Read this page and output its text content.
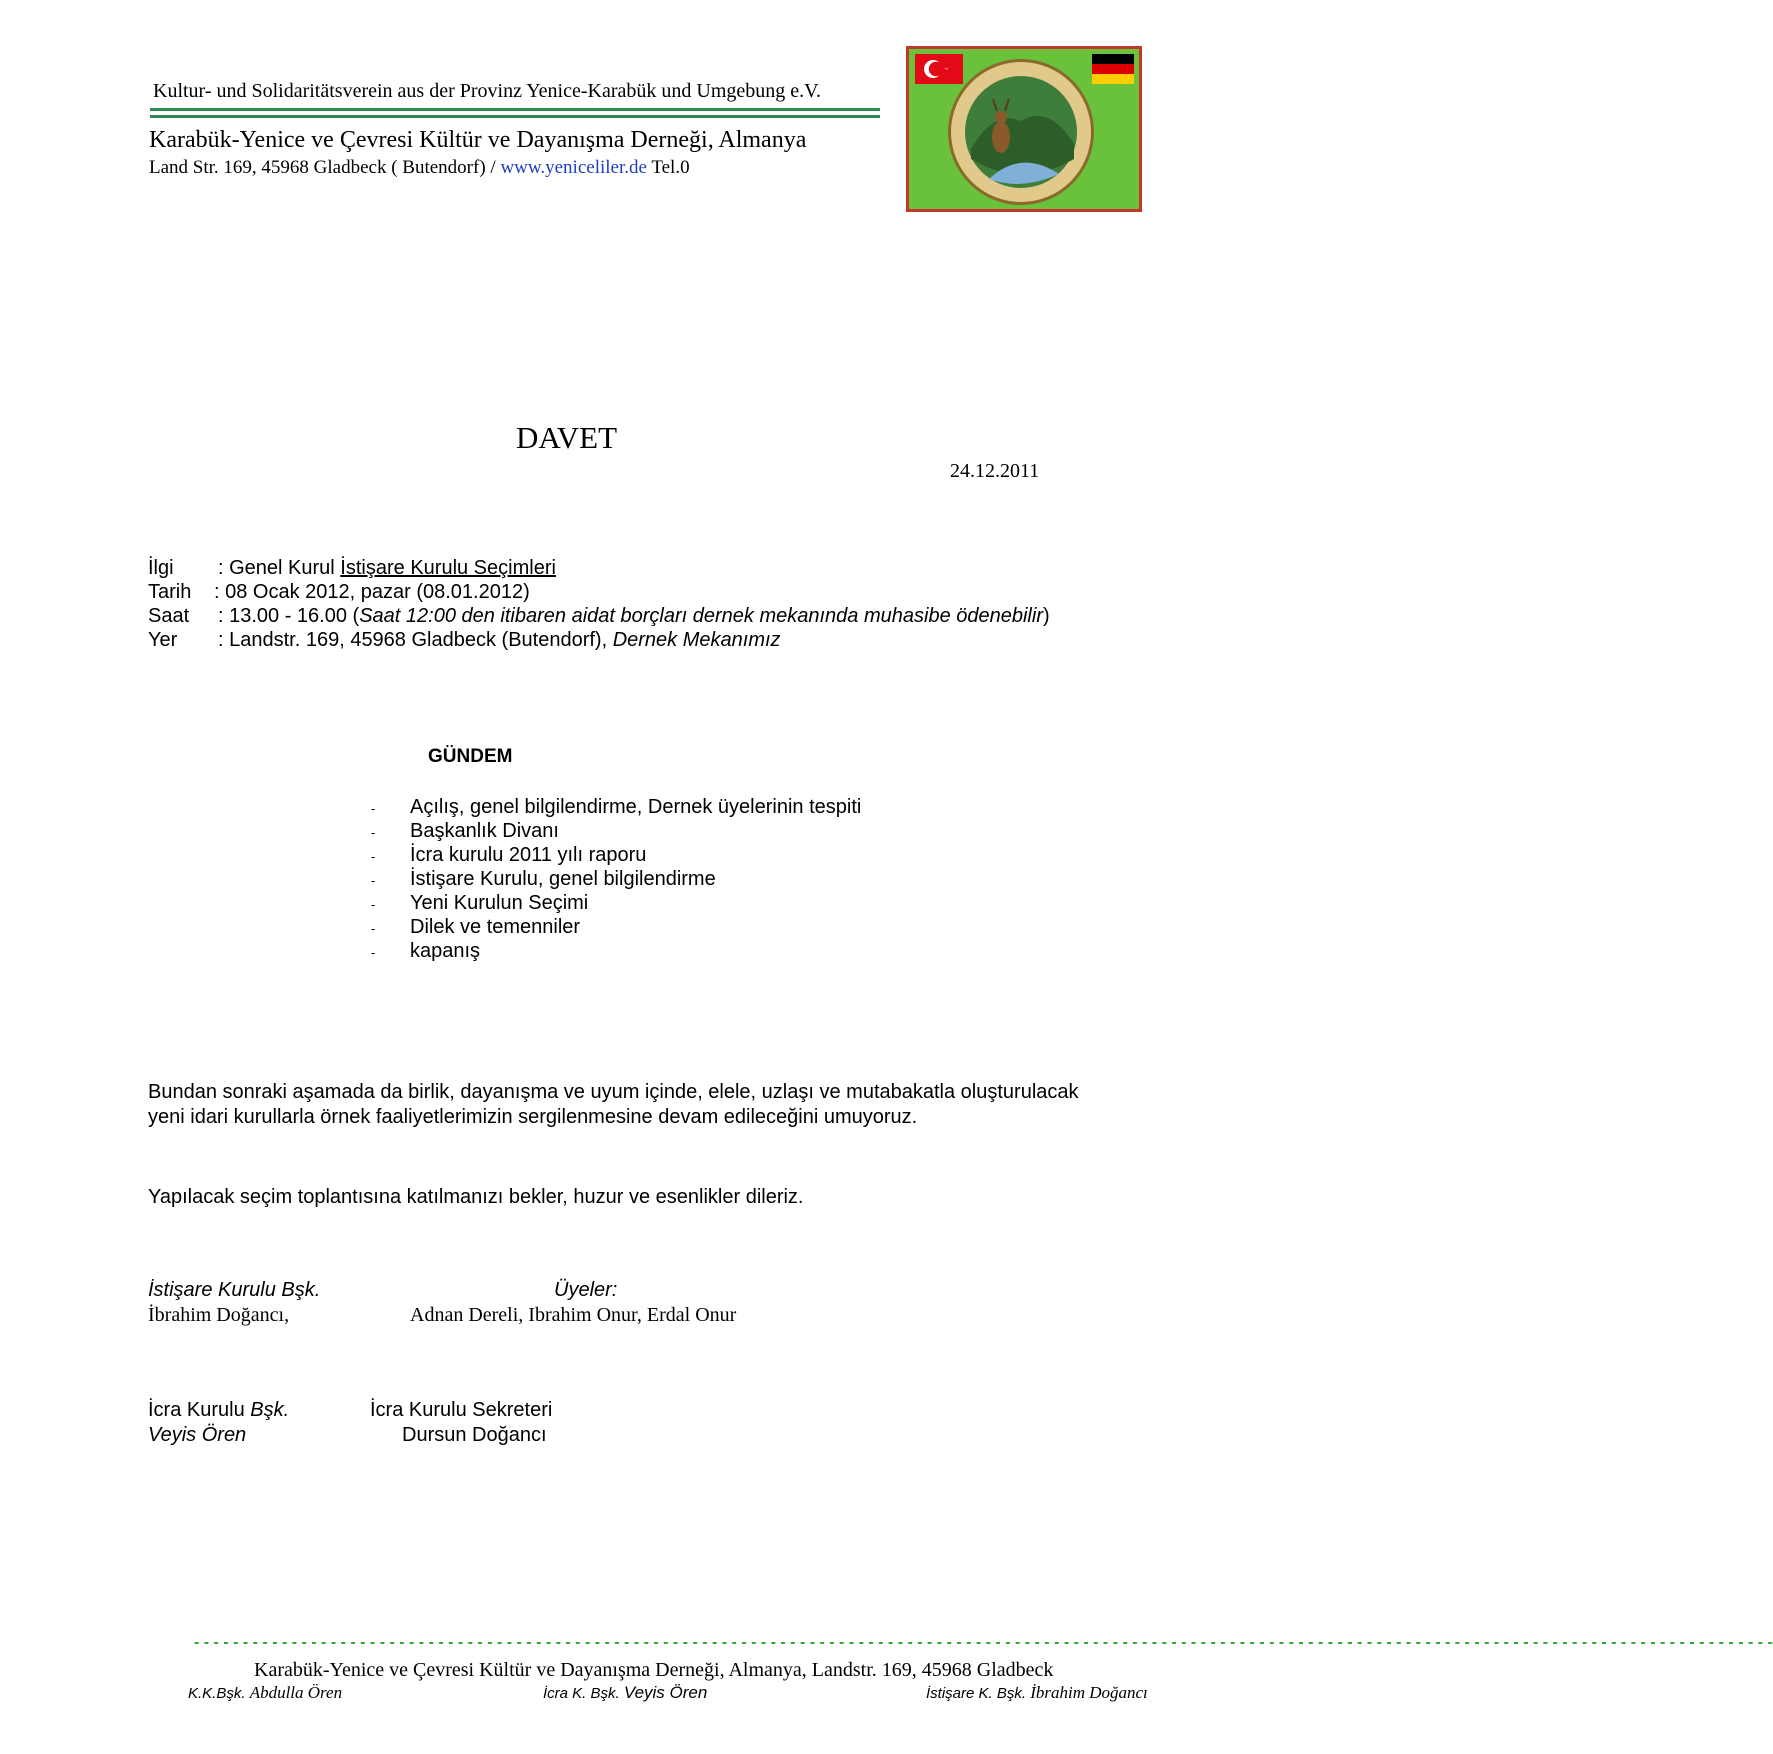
Kultur- und Solidaritätsverein aus der Provinz Yenice-Karabük und Umgebung e.V.
Karabük-Yenice ve Çevresi Kültür ve Dayanışma Derneği, Almanya
Land Str. 169, 45968 Gladbeck ( Butendorf) / www.yeniceliler.de Tel.0
DAVET
24.12.2011
İlgi : Genel Kurul İstişare Kurulu Seçimleri
Tarih : 08 Ocak 2012, pazar (08.01.2012)
Saat : 13.00 - 16.00 (Saat 12:00 den itibaren aidat borçları dernek mekanında muhasibe ödenebilir)
Yer : Landstr. 169, 45968 Gladbeck (Butendorf), Dernek Mekanımız
GÜNDEM
- Açılış, genel bilgilendirme, Dernek üyelerinin tespiti
- Başkanlık Divanı
- İcra kurulu 2011 yılı raporu
- İstişare Kurulu, genel bilgilendirme
- Yeni Kurulun Seçimi
- Dilek ve temenniler
- kapanış
Bundan sonraki aşamada da birlik, dayanışma ve uyum içinde, elele, uzlaşı ve mutabakatla oluşturulacak
yeni idari kurullarla örnek faaliyetlerimizin sergilenmesine devam edileceğini umuyoruz.
Yapılacak seçim toplantısına katılmanızı bekler, huzur ve esenlikler dileriz.
İstişare Kurulu Bşk.
İbrahim Doğancı,
Üyeler:
Adnan Dereli, Ibrahim Onur, Erdal Onur
İcra Kurulu Bşk.
Veyis Ören
İcra Kurulu Sekreteri
Dursun Doğancı
- - - - - - - - - - - - - - - - - - - - - - - - - - - - - - - - - - - - - - - - - - - - - - - - - - - - - - - - - - - - - - - - - - - - - - - - - - - - - - - - - - - - - - - - - - - - - - - - - - - - - - - - - - - - - - - - - - - - - - - - - - - - - - - - - - - - - - - - - - - - - - - - - - - - - - - - - - - - - - - - - -
Karabük-Yenice ve Çevresi Kültür ve Dayanışma Derneği, Almanya, Landstr. 169, 45968 Gladbeck
K.K.Bşk. Abdulla Ören	İcra K. Bşk. Veyis Ören	İstişare K. Bşk. İbrahim Doğancı
